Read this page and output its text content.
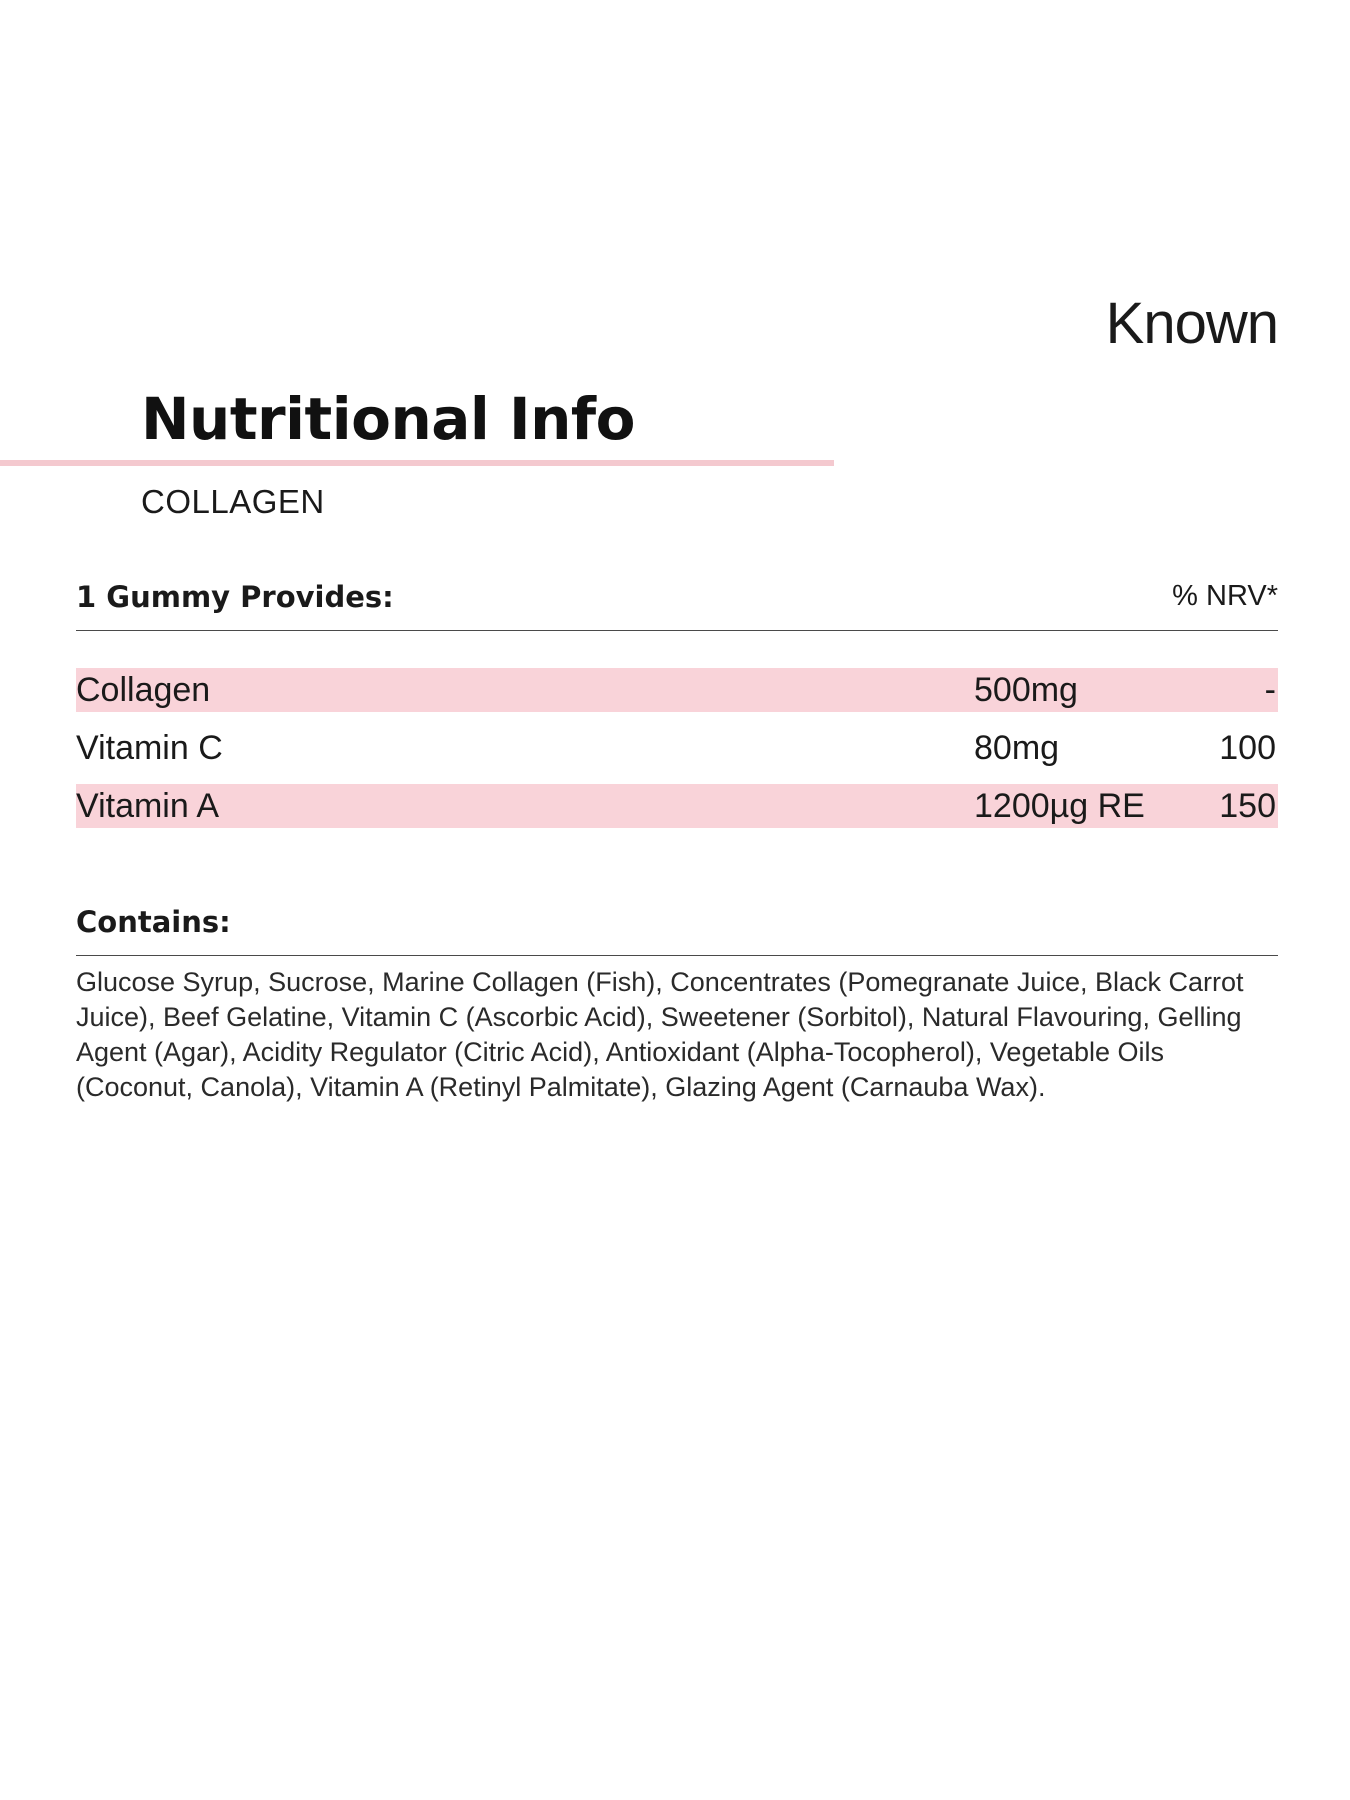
Known
Nutritional Info
COLLAGEN
1 Gummy Provides:	% NRV*
Collagen	500mg	-
Vitamin C	80mg	100
Vitamin A	1200µg RE 150
Contains:
Glucose Syrup, Sucrose, Marine Collagen (Fish), Concentrates (Pomegranate Juice, Black Carrot Juice), Beef Gelatine, Vitamin C (Ascorbic Acid), Sweetener (Sorbitol), Natural Flavouring, Gelling Agent (Agar), Acidity Regulator (Citric Acid), Antioxidant (Alpha-Tocopherol), Vegetable Oils (Coconut, Canola), Vitamin A (Retinyl Palmitate), Glazing Agent (Carnauba Wax).
